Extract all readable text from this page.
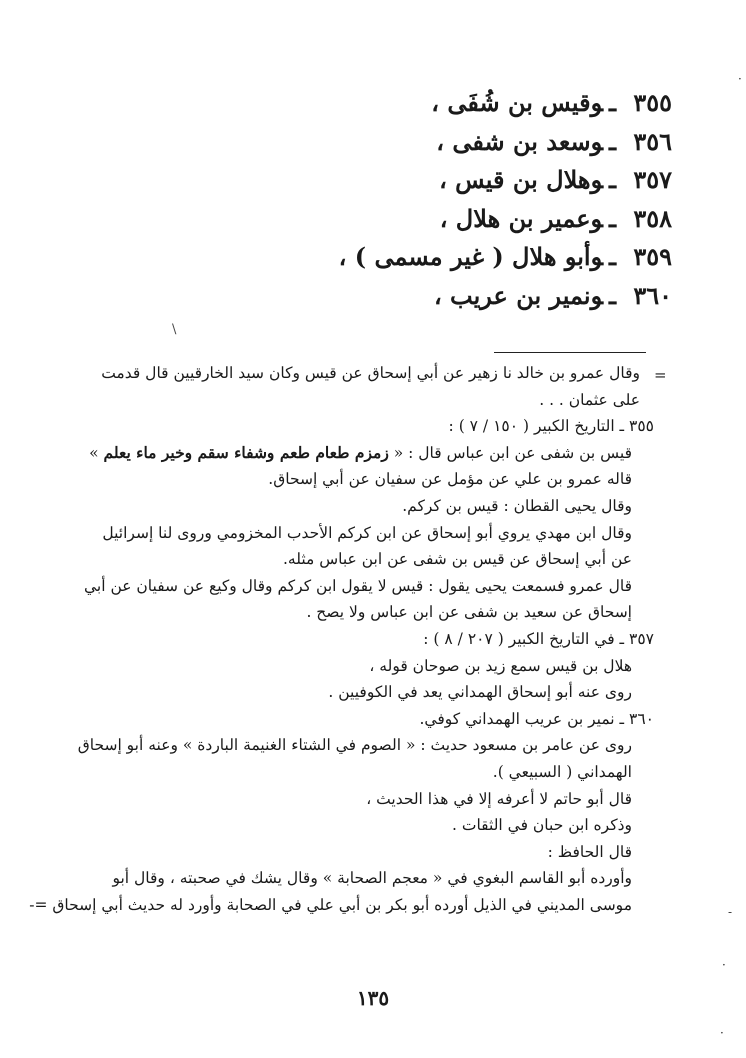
٣٥٥ـوقيس بن شُفَى ،
٣٥٦ـوسعد بن شفى ،
٣٥٧ـوهلال بن قيس ،
٣٥٨ـوعمير بن هلال ،
٣٥٩ـوأبو هلال ( غير مسمى ) ،
٣٦٠ـونمير بن عريب ،
\
=
وقال عمرو بن خالد نا زهير عن أبي إسحاق عن قيس وكان سيد الخارقيين قال قدمت
على عثمان . . .
٣٥٥ ـ التاريخ الكبير ( ١٥٠ / ٧ ) :
قيس بن شفى عن ابن عباس قال : « زمزم طعام طعم وشفاء سقم وخير ماء يعلم »
قاله عمرو بن علي عن مؤمل عن سفيان عن أبي إسحاق.
وقال يحيى القطان : قيس بن كركم.
وقال ابن مهدي يروي أبو إسحاق عن ابن كركم الأحدب المخزومي وروى لنا إسرائيل
عن أبي إسحاق عن قيس بن شفى عن ابن عباس مثله.
قال عمرو فسمعت يحيى يقول : قيس لا يقول ابن كركم وقال وكيع عن سفيان عن أبي
إسحاق عن سعيد بن شفى عن ابن عباس ولا يصح .
٣٥٧ ـ في التاريخ الكبير ( ٢٠٧ / ٨ ) :
هلال بن قيس سمع زيد بن صوحان قوله ،
روى عنه أبو إسحاق الهمداني يعد في الكوفيين .
٣٦٠ ـ نمير بن عريب الهمداني كوفي.
روى عن عامر بن مسعود حديث : « الصوم في الشتاء الغنيمة الباردة » وعنه أبو إسحاق
الهمداني ( السبيعي ).
قال أبو حاتم لا أعرفه إلا في هذا الحديث ،
وذكره ابن حبان في الثقات .
قال الحافظ :
وأورده أبو القاسم البغوي في « معجم الصحابة » وقال يشك في صحبته ، وقال أبو
موسى المديني في الذيل أورده أبو بكر بن أبي علي في الصحابة وأورد له حديث أبي إسحاق =-
١٣٥
·
-
·
·
